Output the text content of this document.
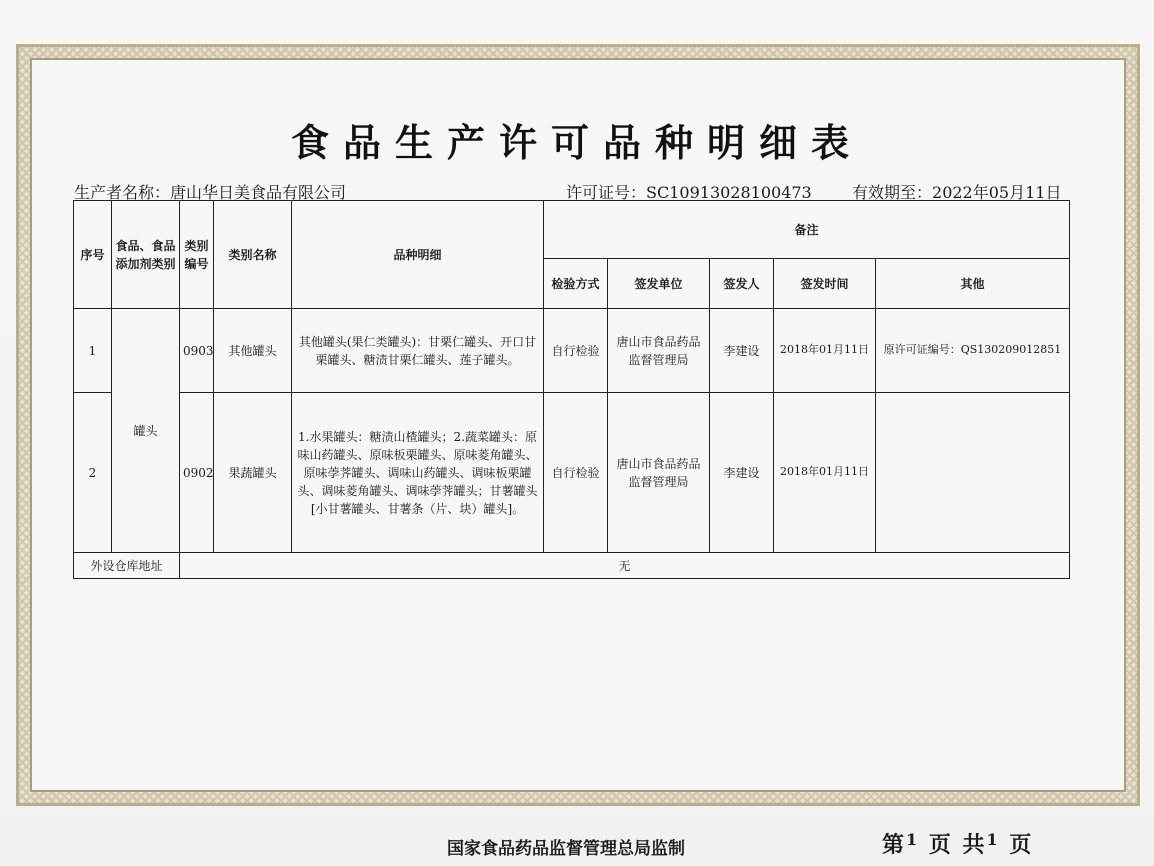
食品生产许可品种明细表
生产者名称：唐山华日美食品有限公司	许可证号：SC10913028100473	有效期至：2022年05月11日
序号	食品、食品添加剂类别	类别编号	类别名称	品种明细	备注				
					检验方式	签发单位	签发人	签发时间	其他
1	罐头	0903	其他罐头	其他罐头(果仁类罐头)：甘栗仁罐头、开口甘栗罐头、糖渍甘栗仁罐头、莲子罐头。	自行检验	唐山市食品药品监督管理局	李建设	2018年01月11日	原许可证编号：QS1302090128​51
2		0902	果蔬罐头	1.水果罐头：糖渍山楂罐头；2.蔬菜罐头：原味山药罐头、原味板栗罐头、原味菱角罐头、原味荸荠罐头、调味山药罐头、调味板栗罐头、调味菱角罐头、调味荸荠罐头；甘薯罐头[小甘薯罐头、甘薯条（片、块）罐头]。	自行检验	唐山市食品药品监督管理局	李建设	2018年01月11日	
外设仓库地址		无							
国家食品药品监督管理总局监制	第$^1$ 页 共$^1$ 页
